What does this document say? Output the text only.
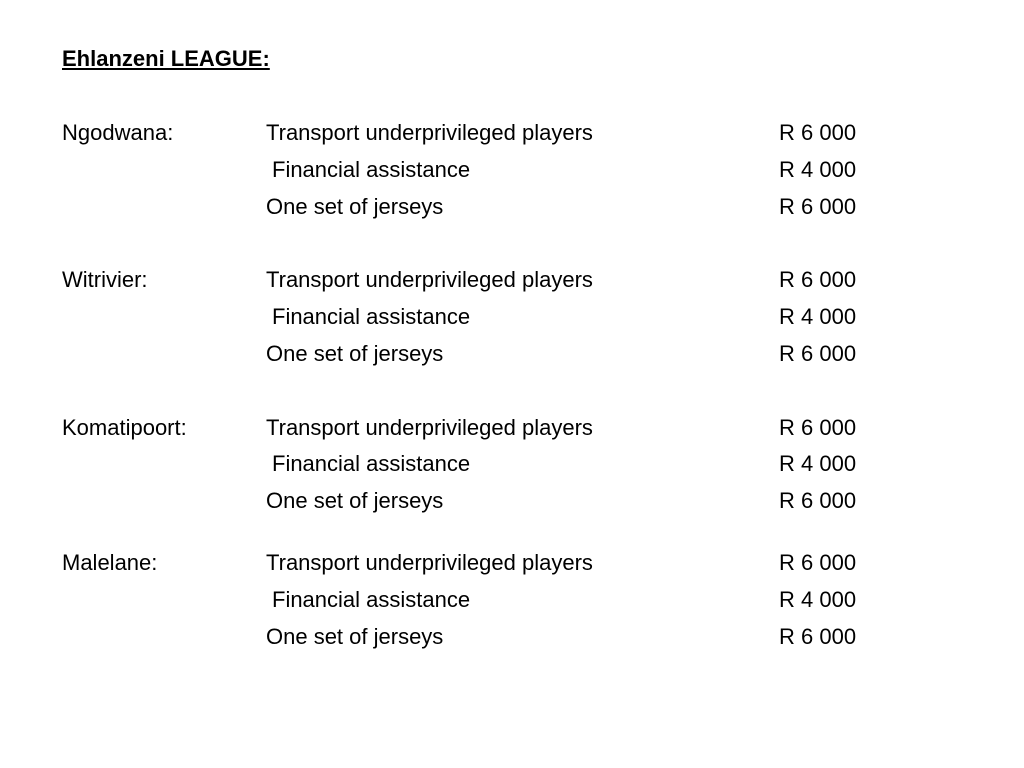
Ehlanzeni LEAGUE:
Ngodwana:	Transport underprivileged players	R 6 000
Financial assistance	R 4 000
One set of jerseys	R 6 000
Witrivier:	Transport underprivileged players	R 6 000
Financial assistance	R 4 000
One set of jerseys	R 6 000
Komatipoort:	Transport underprivileged players	R 6 000
Financial assistance	R 4 000
One set of jerseys	R 6 000
Malelane:	Transport underprivileged players	R 6 000
Financial assistance	R 4 000
One set of jerseys	R 6 000
